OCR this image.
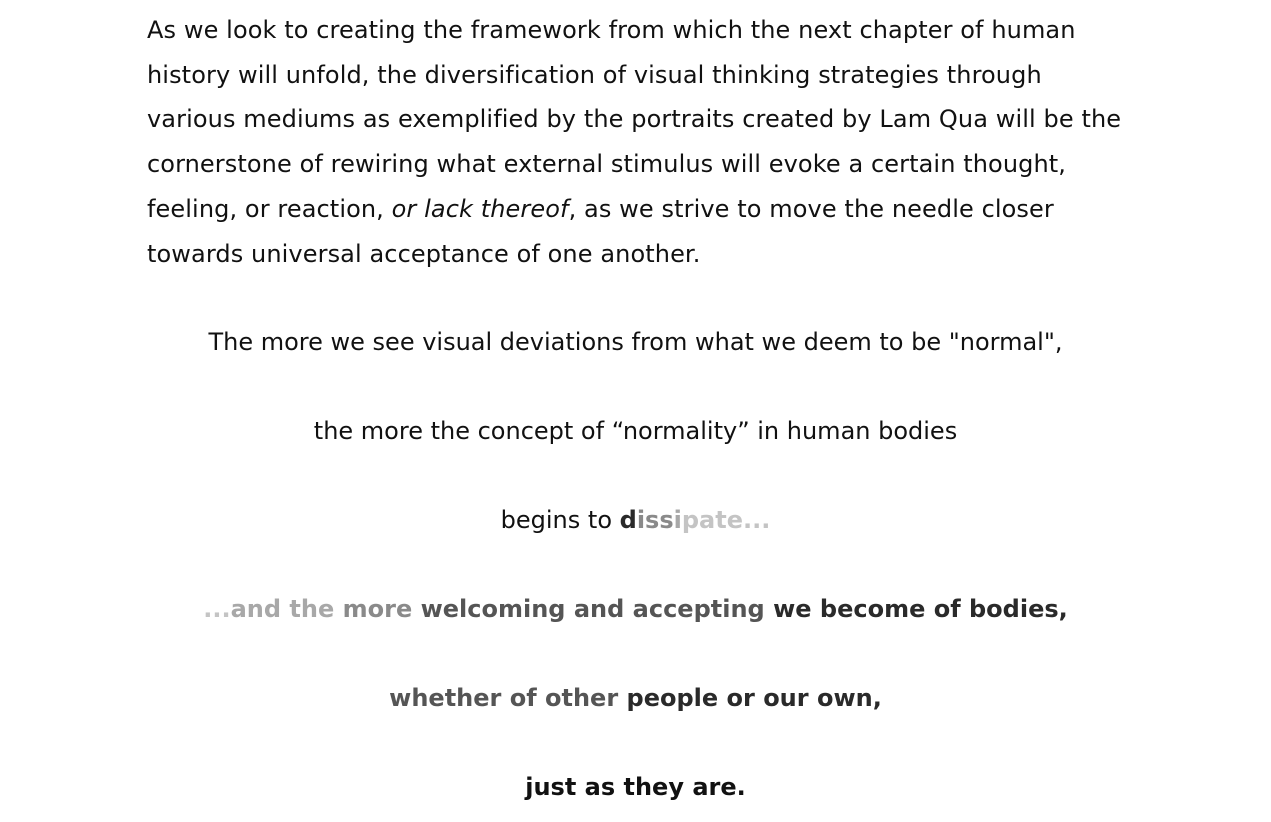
As we look to creating the framework from which the next chapter of human history will unfold, the diversification of visual thinking strategies through various mediums as exemplified by the portraits created by Lam Qua will be the cornerstone of rewiring what external stimulus will evoke a certain thought, feeling, or reaction, or lack thereof, as we strive to move the needle closer towards universal acceptance of one another.

The more we see visual deviations from what we deem to be "normal",

the more the concept of “normality” in human bodies

begins to dissipate...

...and the more welcoming and accepting we become of bodies,

whether of other people or our own,

just as they are.
